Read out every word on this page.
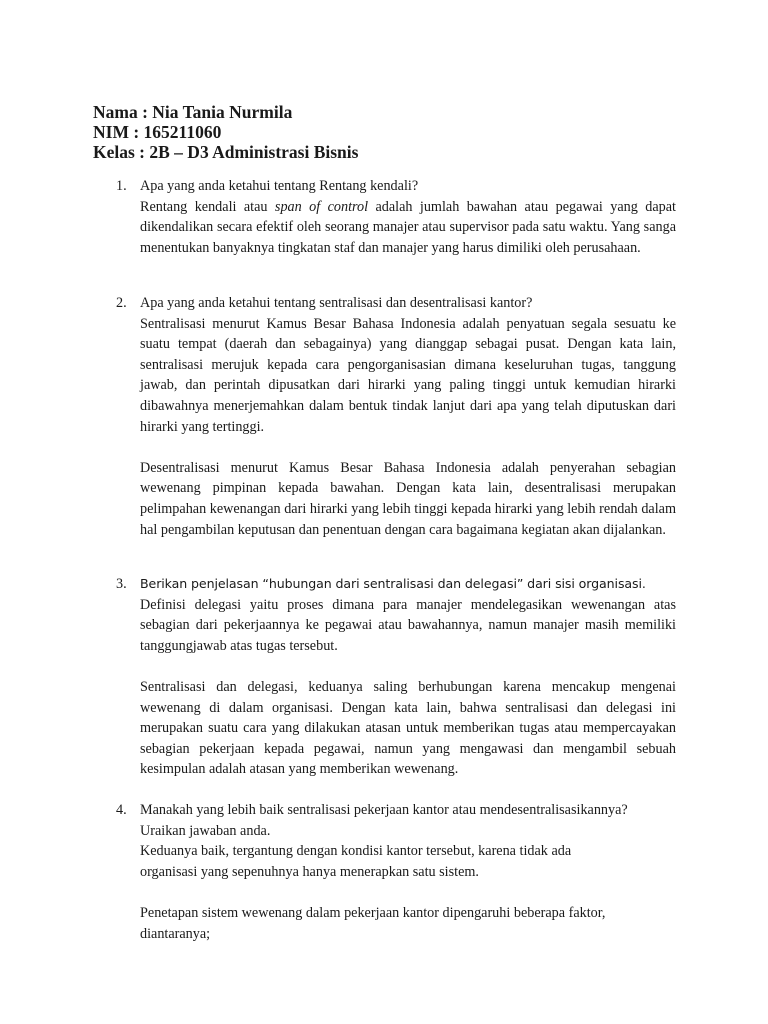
Nama : Nia Tania Nurmila
NIM : 165211060
Kelas : 2B – D3 Administrasi Bisnis
1. Apa yang anda ketahui tentang Rentang kendali?
Rentang kendali atau span of control adalah jumlah bawahan atau pegawai yang dapat dikendalikan secara efektif oleh seorang manajer atau supervisor pada satu waktu. Yang sanga menentukan banyaknya tingkatan staf dan manajer yang harus dimiliki oleh perusahaan.
2. Apa yang anda ketahui tentang sentralisasi dan desentralisasi kantor?
Sentralisasi menurut Kamus Besar Bahasa Indonesia adalah penyatuan segala sesuatu ke suatu tempat (daerah dan sebagainya) yang dianggap sebagai pusat. Dengan kata lain, sentralisasi merujuk kepada cara pengorganisasian dimana keseluruhan tugas, tanggung jawab, dan perintah dipusatkan dari hirarki yang paling tinggi untuk kemudian hirarki dibawahnya menerjemahkan dalam bentuk tindak lanjut dari apa yang telah diputuskan dari hirarki yang tertinggi.
Desentralisasi menurut Kamus Besar Bahasa Indonesia adalah penyerahan sebagian wewenang pimpinan kepada bawahan. Dengan kata lain, desentralisasi merupakan pelimpahan kewenangan dari hirarki yang lebih tinggi kepada hirarki yang lebih rendah dalam hal pengambilan keputusan dan penentuan dengan cara bagaimana kegiatan akan dijalankan.
3. Berikan penjelasan “hubungan dari sentralisasi dan delegasi” dari sisi organisasi.
Definisi delegasi yaitu proses dimana para manajer mendelegasikan wewenangan atas sebagian dari pekerjaannya ke pegawai atau bawahannya, namun manajer masih memiliki tanggungjawab atas tugas tersebut.
Sentralisasi dan delegasi, keduanya saling berhubungan karena mencakup mengenai wewenang di dalam organisasi. Dengan kata lain, bahwa sentralisasi dan delegasi ini merupakan suatu cara yang dilakukan atasan untuk memberikan tugas atau mempercayakan sebagian pekerjaan kepada pegawai, namun yang mengawasi dan mengambil sebuah kesimpulan adalah atasan yang memberikan wewenang.
4. Manakah yang lebih baik sentralisasi pekerjaan kantor atau mendesentralisasikannya?
Uraikan jawaban anda.
Keduanya baik, tergantung dengan kondisi kantor tersebut, karena tidak ada organisasi yang sepenuhnya hanya menerapkan satu sistem.
Penetapan sistem wewenang dalam pekerjaan kantor dipengaruhi beberapa faktor, diantaranya;
